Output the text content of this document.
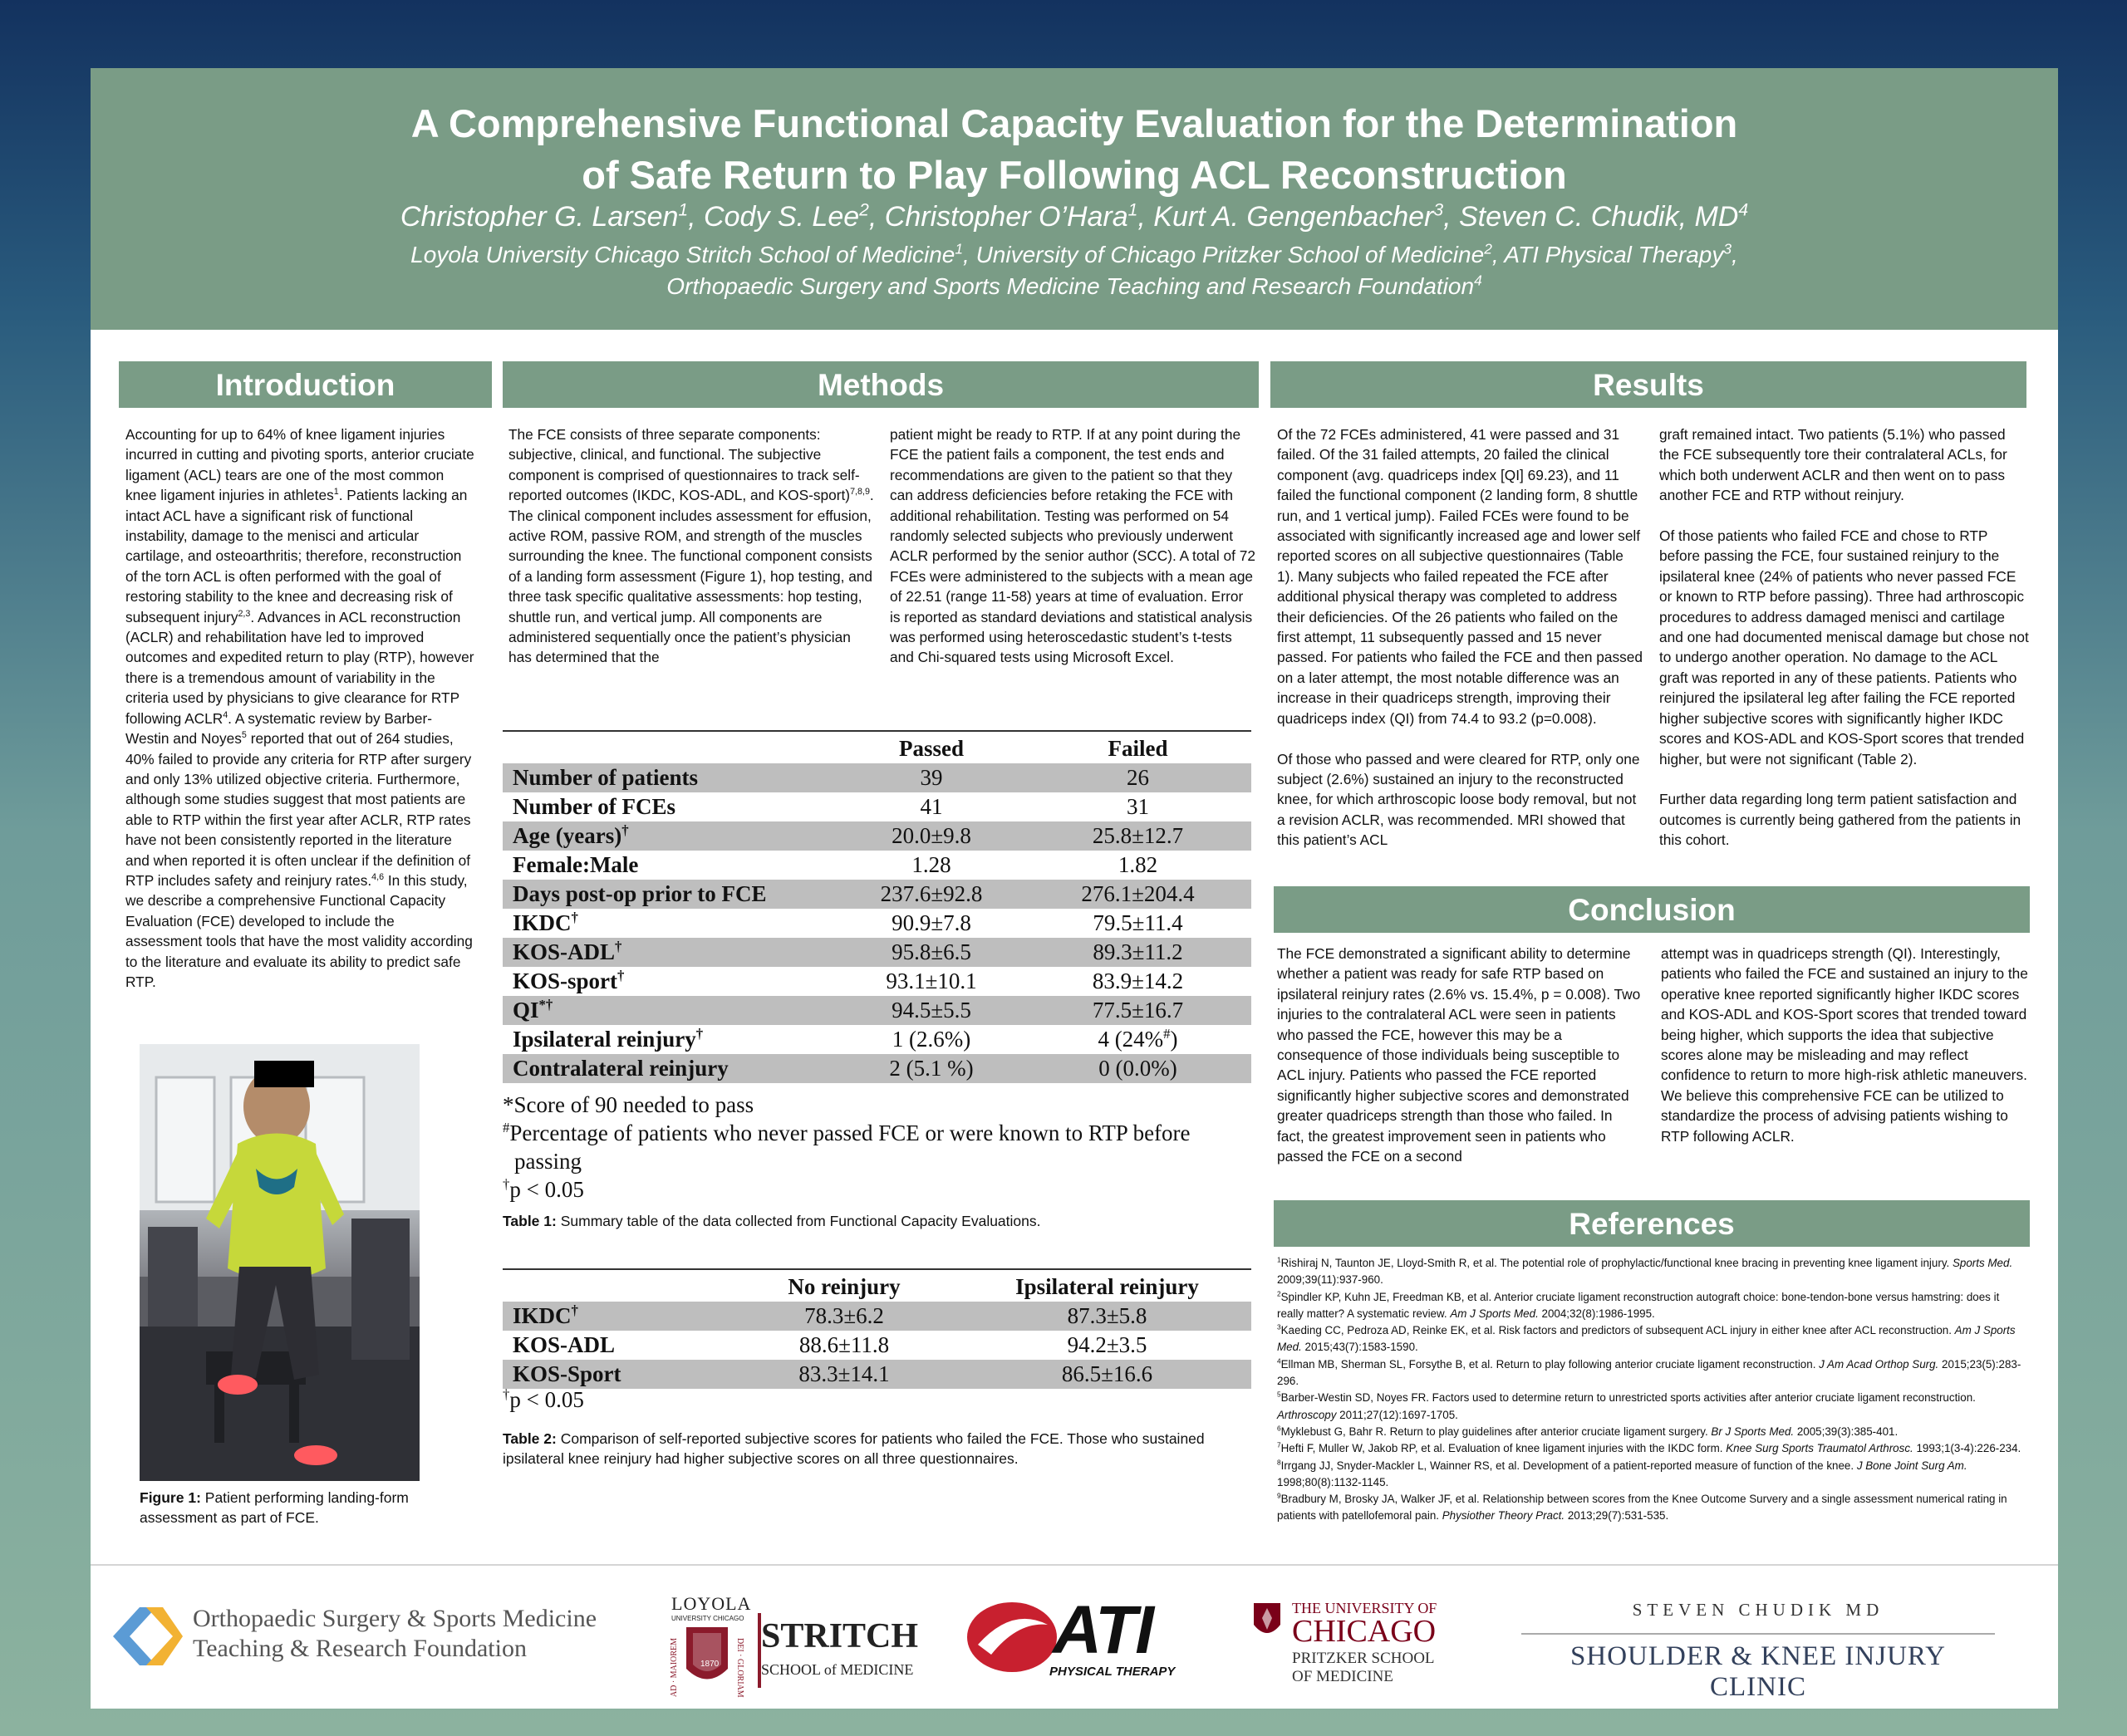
A Comprehensive Functional Capacity Evaluation for the Determination
of Safe Return to Play Following ACL Reconstruction
Christopher G. Larsen$^1$, Cody S. Lee$^2$, Christopher O’Hara$^1$, Kurt A. Gengenbacher$^3$, Steven C. Chudik, $MD^4$
Loyola University Chicago Stritch School of Medicine$^1$, University of Chicago Pritzker School of Medicine$^2$, ATI Physical Therapy$^3$,
Orthopaedic Surgery and Sports Medicine Teaching and Research Foundation$^4$
Introduction	Methods	Results
Conclusion
References
Accounting for up to 64% of knee ligament injuries incurred in cutting and pivoting sports, anterior cruciate ligament (ACL) tears are one of the most common knee ligament injuries in athletes$^1$. Patients lacking an intact ACL have a significant risk of functional instability, damage to the menisci and articular cartilage, and osteoarthritis; therefore, reconstruction of the torn ACL is often performed with the goal of restoring stability to the knee and decreasing risk of subsequent injury$^{2,3}$. Advances in ACL reconstruction (ACLR) and rehabilitation have led to improved outcomes and expedited return to play (RTP), however there is a tremendous amount of variability in the criteria used by physicians to give clearance for RTP following ACLR$^4$. A systematic review by Barber-Westin and Noyes$^5$ reported that out of 264 studies, 40% failed to provide any criteria for RTP after surgery and only 13% utilized objective criteria. Furthermore, although some studies suggest that most patients are able to RTP within the first year after ACLR, RTP rates have not been consistently reported in the literature and when reported it is often unclear if the definition of RTP includes safety and reinjury rates.$^{4,6}$ In this study, we describe a comprehensive Functional Capacity Evaluation (FCE) developed to include the assessment tools that have the most validity according to the literature and evaluate its ability to predict safe RTP.
Figure 1: Patient performing landing-form assessment as part of FCE.
The FCE consists of three separate components: subjective, clinical, and functional. The subjective component is comprised of questionnaires to track self-reported outcomes (IKDC, KOS-ADL, and KOS-sport)$^{7,8,9}$. The clinical component includes assessment for effusion, active ROM, passive ROM, and strength of the muscles surrounding the knee. The functional component consists of a landing form assessment (Figure 1), hop testing, and three task specific qualitative assessments: hop testing, shuttle run, and vertical jump. All components are administered sequentially once the patient’s physician has determined that the
patient might be ready to RTP. If at any point during the FCE the patient fails a component, the test ends and recommendations are given to the patient so that they can address deficiencies before retaking the FCE with additional rehabilitation. Testing was performed on 54 randomly selected subjects who previously underwent ACLR performed by the senior author (SCC). A total of 72 FCEs were administered to the subjects with a mean age of 22.51 (range 11-58) years at time of evaluation. Error is reported as standard deviations and statistical analysis was performed using heteroscedastic student’s t-tests and Chi-squared tests using Microsoft Excel.
Passed	Failed
Number of patients	39	26
Number of FCEs	41	31
Age (years)†	20.0±9.8	25.8±12.7
Female:Male	1.28	1.82
Days post-op prior to FCE	237.6±92.8	276.1±204.4
IKDC†	90.9±7.8	79.5±11.4
KOS-ADL†	95.8±6.5	89.3±11.2
KOS-sport†	93.1±10.1	83.9±14.2
QI*†	94.5±5.5	77.5±16.7
Ipsilateral reinjury†	1 (2.6%)	4 (24%#)
Contralateral reinjury	2 (5.1 %)	0 (0.0%)
*Score of 90 needed to pass
#Percentage of patients who never passed FCE or were known to RTP before
passing
†p < 0.05
Table 1: Summary table of the data collected from Functional Capacity Evaluations.
No reinjury	Ipsilateral reinjury
IKDC†	78.3±6.2	87.3±5.8
KOS-ADL	88.6±11.8	94.2±3.5
KOS-Sport	83.3±14.1	86.5±16.6
†p < 0.05
Table 2: Comparison of self-reported subjective scores for patients who failed the FCE. Those who sustained ipsilateral knee reinjury had higher subjective scores on all three questionnaires.
Of the 72 FCEs administered, 41 were passed and 31 failed. Of the 31 failed attempts, 20 failed the clinical component (avg. quadriceps index [QI] 69.23), and 11 failed the functional component (2 landing form, 8 shuttle run, and 1 vertical jump). Failed FCEs were found to be associated with significantly increased age and lower self reported scores on all subjective questionnaires (Table 1). Many subjects who failed repeated the FCE after additional physical therapy was completed to address their deficiencies. Of the 26 patients who failed on the first attempt, 11 subsequently passed and 15 never passed. For patients who failed the FCE and then passed on a later attempt, the most notable difference was an increase in their quadriceps strength, improving their quadriceps index (QI) from 74.4 to 93.2 (p=0.008).

Of those who passed and were cleared for RTP, only one subject (2.6%) sustained an injury to the reconstructed knee, for which arthroscopic loose body removal, but not a revision ACLR, was recommended. MRI showed that this patient’s ACL
graft remained intact. Two patients (5.1%) who passed the FCE subsequently tore their contralateral ACLs, for which both underwent ACLR and then went on to pass another FCE and RTP without reinjury.

Of those patients who failed FCE and chose to RTP before passing the FCE, four sustained reinjury to the ipsilateral knee (24% of patients who never passed FCE or known to RTP before passing). Three had arthroscopic procedures to address damaged menisci and cartilage and one had documented meniscal damage but chose not to undergo another operation. No damage to the ACL graft was reported in any of these patients. Patients who reinjured the ipsilateral leg after failing the FCE reported higher subjective scores with significantly higher IKDC scores and KOS-ADL and KOS-Sport scores that trended higher, but were not significant (Table 2).

Further data regarding long term patient satisfaction and outcomes is currently being gathered from the patients in this cohort.
The FCE demonstrated a significant ability to determine whether a patient was ready for safe RTP based on ipsilateral reinjury rates (2.6% vs. 15.4%, p = 0.008). Two injuries to the contralateral ACL were seen in patients who passed the FCE, however this may be a consequence of those individuals being susceptible to ACL injury. Patients who passed the FCE reported significantly higher subjective scores and demonstrated greater quadriceps strength than those who failed. In fact, the greatest improvement seen in patients who passed the FCE on a second
attempt was in quadriceps strength (QI). Interestingly, patients who failed the FCE and sustained an injury to the operative knee reported significantly higher IKDC scores and KOS-ADL and KOS-Sport scores that trended toward being higher, which supports the idea that subjective scores alone may be misleading and may reflect confidence to return to more high-risk athletic maneuvers. We believe this comprehensive FCE can be utilized to standardize the process of advising patients wishing to RTP following ACLR.
$^1$Rishiraj N, Taunton JE, Lloyd-Smith R, et al. The potential role of prophylactic/functional knee bracing in preventing knee ligament injury. Sports Med. 2009;39(11):937-960.
$^2$Spindler KP, Kuhn JE, Freedman KB, et al. Anterior cruciate ligament reconstruction autograft choice: bone-tendon-bone versus hamstring: does it really matter? A systematic review. Am J Sports Med. 2004;32(8):1986-1995.
$^3$Kaeding CC, Pedroza AD, Reinke EK, et al. Risk factors and predictors of subsequent ACL injury in either knee after ACL reconstruction. Am J Sports Med. 2015;43(7):1583-1590.
$^4$Ellman MB, Sherman SL, Forsythe B, et al. Return to play following anterior cruciate ligament reconstruction. J Am Acad Orthop Surg. 2015;23(5):283-296.
$^5$Barber-Westin SD, Noyes FR. Factors used to determine return to unrestricted sports activities after anterior cruciate ligament reconstruction. Arthroscopy 2011;27(12):1697-1705.
$^6$Myklebust G, Bahr R. Return to play guidelines after anterior cruciate ligament surgery. Br J Sports Med. 2005;39(3):385-401.
$^7$Hefti F, Muller W, Jakob RP, et al. Evaluation of knee ligament injuries with the IKDC form. Knee Surg Sports Traumatol Arthrosc. 1993;1(3-4):226-234.
$^8$Irrgang JJ, Snyder-Mackler L, Wainner RS, et al. Development of a patient-reported measure of function of the knee. J Bone Joint Surg Am. 1998;80(8):1132-1145.
$^9$Bradbury M, Brosky JA, Walker JF, et al. Relationship between scores from the Knee Outcome Survery and a single assessment numerical rating in patients with patellofemoral pain. Physiother Theory Pract. 2013;29(7):531-535.
Orthopaedic Surgery & Sports Medicine
Teaching & Research Foundation
LOYOLA
UNIVERSITY CHICAGO
1870
AD · MAIOREM	DEI · GLORIAM
STRITCH
SCHOOL of MEDICINE
ATI
PHYSICAL THERAPY
THE UNIVERSITY OF
CHICAGO
PRITZKER SCHOOL
OF MEDICINE
STEVEN CHUDIK MD
SHOULDER & KNEE INJURY CLINIC
